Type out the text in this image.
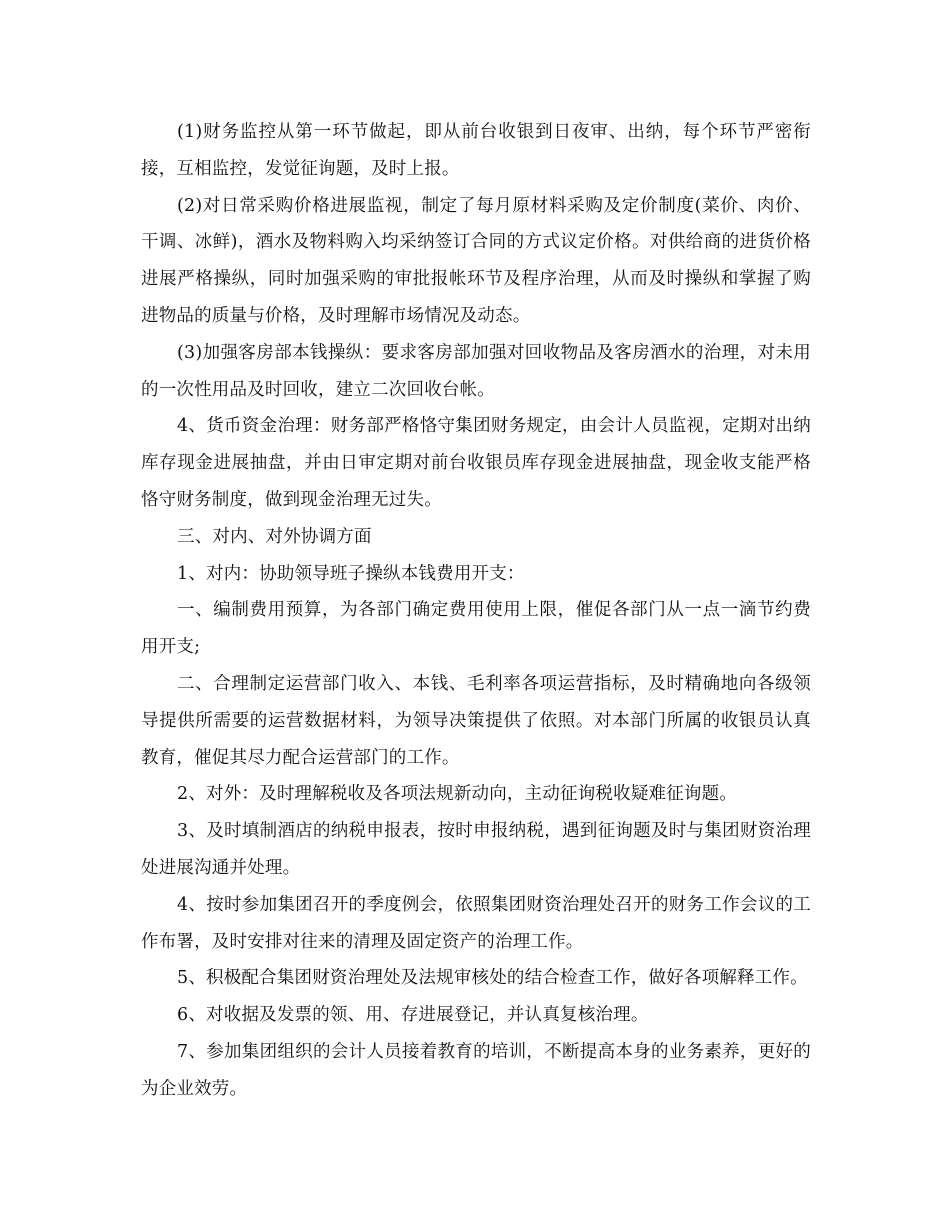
(1)财务监控从第一环节做起，即从前台收银到日夜审、出纳，每个环节严密衔接，互相监控，发觉征询题，及时上报。

(2)对日常采购价格进展监视，制定了每月原材料采购及定价制度(菜价、肉价、干调、冰鲜)，酒水及物料购入均采纳签订合同的方式议定价格。对供给商的进货价格进展严格操纵，同时加强采购的审批报帐环节及程序治理，从而及时操纵和掌握了购进物品的质量与价格，及时理解市场情况及动态。

(3)加强客房部本钱操纵：要求客房部加强对回收物品及客房酒水的治理，对未用的一次性用品及时回收，建立二次回收台帐。

4、货币资金治理：财务部严格恪守集团财务规定，由会计人员监视，定期对出纳库存现金进展抽盘，并由日审定期对前台收银员库存现金进展抽盘，现金收支能严格恪守财务制度，做到现金治理无过失。

三、对内、对外协调方面

1、对内：协助领导班子操纵本钱费用开支：

一、编制费用预算，为各部门确定费用使用上限，催促各部门从一点一滴节约费用开支;

二、合理制定运营部门收入、本钱、毛利率各项运营指标，及时精确地向各级领导提供所需要的运营数据材料，为领导决策提供了依照。对本部门所属的收银员认真教育，催促其尽力配合运营部门的工作。

2、对外：及时理解税收及各项法规新动向，主动征询税收疑难征询题。

3、及时填制酒店的纳税申报表，按时申报纳税，遇到征询题及时与集团财资治理处进展沟通并处理。

4、按时参加集团召开的季度例会，依照集团财资治理处召开的财务工作会议的工作布署，及时安排对往来的清理及固定资产的治理工作。

5、积极配合集团财资治理处及法规审核处的结合检查工作，做好各项解释工作。

6、对收据及发票的领、用、存进展登记，并认真复核治理。

7、参加集团组织的会计人员接着教育的培训，不断提高本身的业务素养，更好的为企业效劳。
